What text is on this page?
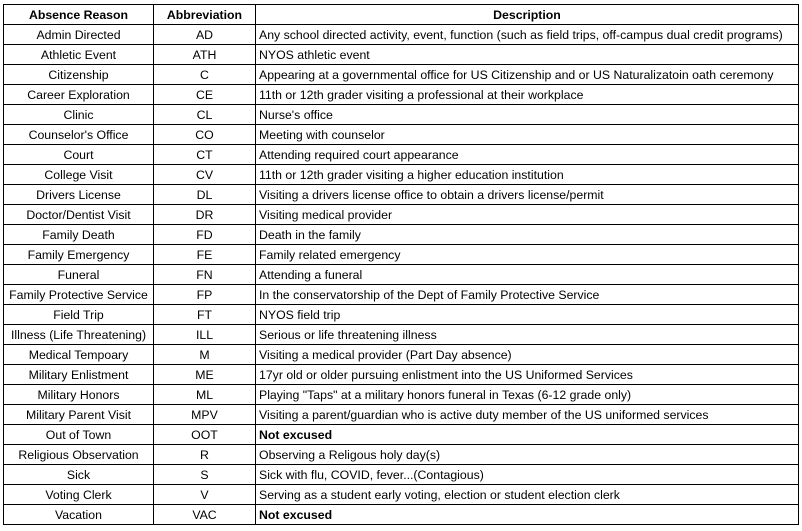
Absence Reason	Abbreviation	Description
Admin Directed	AD	Any school directed activity, event, function (such as field trips, off-campus dual credit programs)
Athletic Event	ATH	NYOS athletic event
Citizenship	C	Appearing at a governmental office for US Citizenship and or US Naturalizatoin oath ceremony
Career Exploration	CE	11th or 12th grader visiting a professional at their workplace
Clinic	CL	Nurse's office
Counselor's Office	CO	Meeting with counselor
Court	CT	Attending required court appearance
College Visit	CV	11th or 12th grader visiting a higher education institution
Drivers License	DL	Visiting a drivers license office to obtain a drivers license/permit
Doctor/Dentist Visit	DR	Visiting medical provider
Family Death	FD	Death in the family
Family Emergency	FE	Family related emergency
Funeral	FN	Attending a funeral
Family Protective Service	FP	In the conservatorship of the Dept of Family Protective Service
Field Trip	FT	NYOS field trip
Illness (Life Threatening)	ILL	Serious or life threatening illness
Medical Tempoary	M	Visiting a medical provider (Part Day absence)
Military Enlistment	ME	17yr old or older pursuing enlistment into the US Uniformed Services
Military Honors	ML	Playing "Taps" at a military honors funeral in Texas (6-12 grade only)
Military Parent Visit	MPV	Visiting a parent/guardian who is active duty member of the US uniformed services
Out of Town	OOT	Not excused
Religious Observation	R	Observing a Religous holy day(s)
Sick	S	Sick with flu, COVID, fever...(Contagious)
Voting Clerk	V	Serving as a student early voting, election or student election clerk
Vacation	VAC	Not excused
